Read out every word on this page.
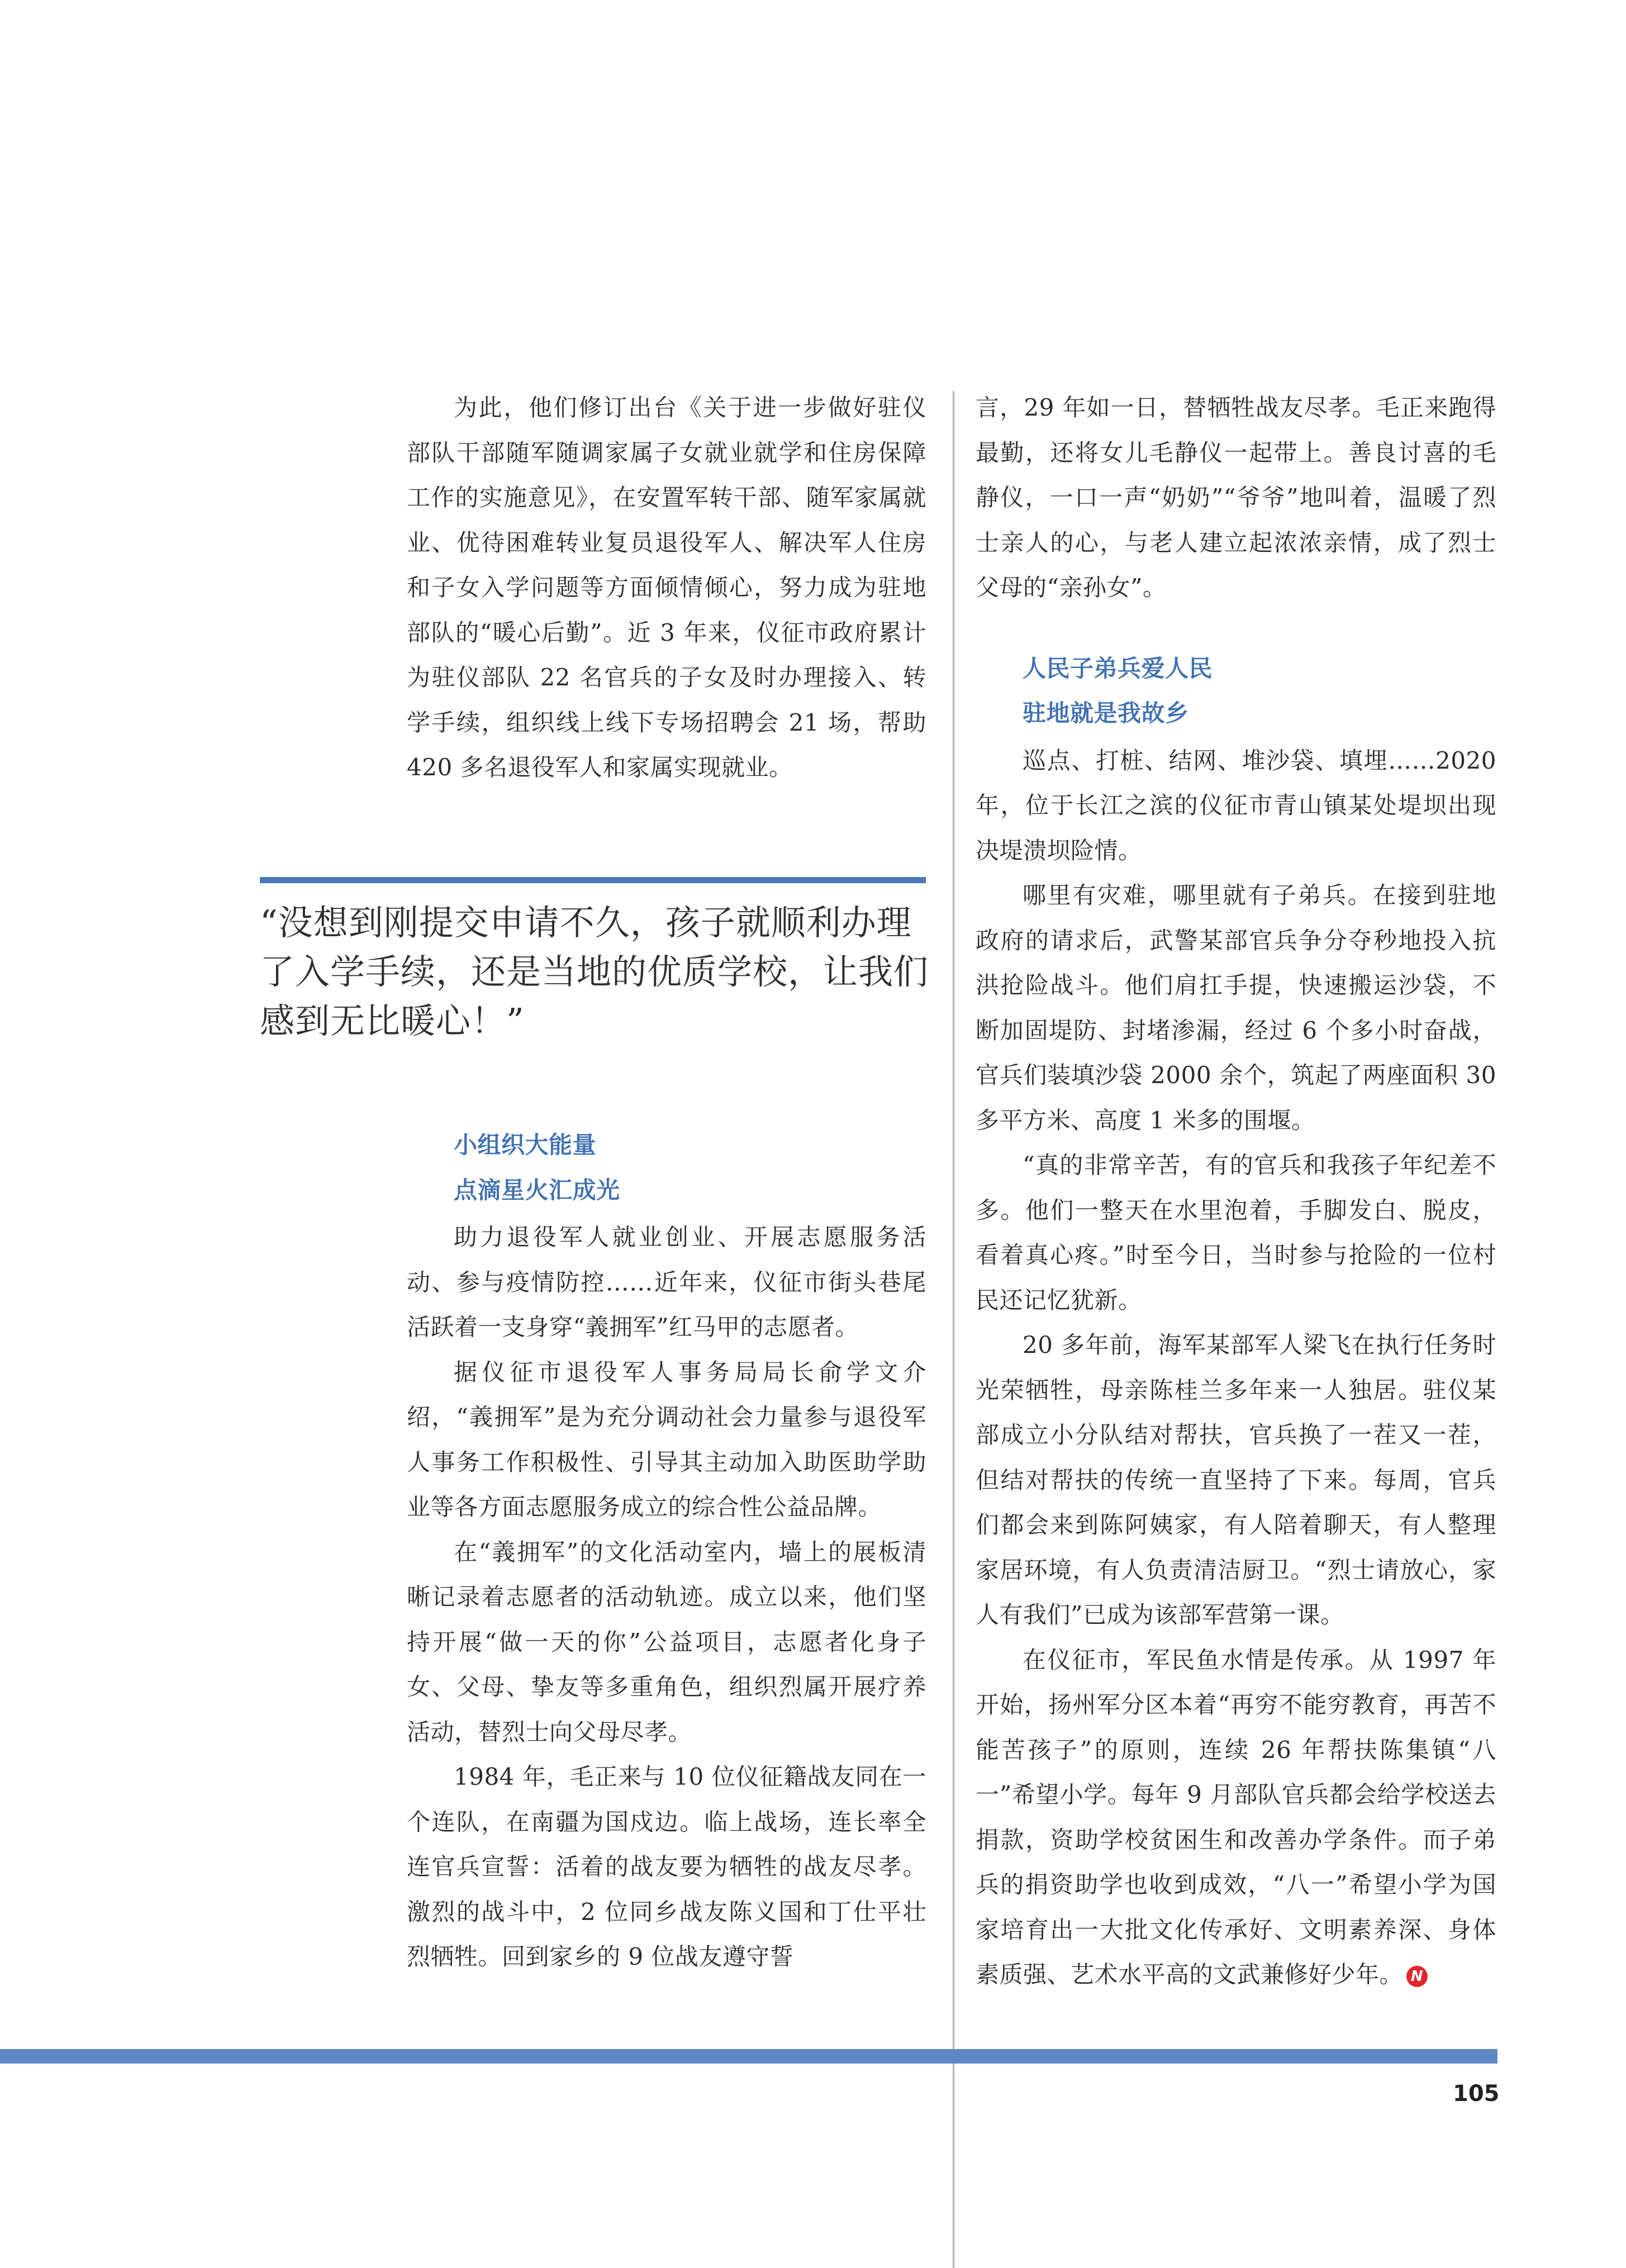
为此，他们修订出台《关于进一步做好驻仪部队干部随军随调家属子女就业就学和住房保障工作的实施意见》，在安置军转干部、随军家属就业、优待困难转业复员退役军人、解决军人住房和子女入学问题等方面倾情倾心，努力成为驻地部队的“暖心后勤”。近 3 年来，仪征市政府累计为驻仪部队 22 名官兵的子女及时办理接入、转学手续，组织线上线下专场招聘会 21 场，帮助 420 多名退役军人和家属实现就业。

“没想到刚提交申请不久，孩子就顺利办理了入学手续，还是当地的优质学校，让我们感到无比暖心！”

小组织大能量

点滴星火汇成光

助力退役军人就业创业、开展志愿服务活动、参与疫情防控……近年来，仪征市街头巷尾活跃着一支身穿“義拥军”红马甲的志愿者。

据仪征市退役军人事务局局长俞学文介绍，“義拥军”是为充分调动社会力量参与退役军人事务工作积极性、引导其主动加入助医助学助业等各方面志愿服务成立的综合性公益品牌。

在“義拥军”的文化活动室内，墙上的展板清晰记录着志愿者的活动轨迹。成立以来，他们坚持开展“做一天的你”公益项目，志愿者化身子女、父母、挚友等多重角色，组织烈属开展疗养活动，替烈士向父母尽孝。

1984 年，毛正来与 10 位仪征籍战友同在一个连队，在南疆为国戍边。临上战场，连长率全连官兵宣誓：活着的战友要为牺牲的战友尽孝。激烈的战斗中，2 位同乡战友陈义国和丁仕平壮烈牺牲。回到家乡的 9 位战友遵守誓

言，29 年如一日，替牺牲战友尽孝。毛正来跑得最勤，还将女儿毛静仪一起带上。善良讨喜的毛静仪，一口一声“奶奶”“爷爷”地叫着，温暖了烈士亲人的心，与老人建立起浓浓亲情，成了烈士父母的“亲孙女”。

人民子弟兵爱人民

驻地就是我故乡

巡点、打桩、结网、堆沙袋、填埋……2020 年，位于长江之滨的仪征市青山镇某处堤坝出现决堤溃坝险情。

哪里有灾难，哪里就有子弟兵。在接到驻地政府的请求后，武警某部官兵争分夺秒地投入抗洪抢险战斗。他们肩扛手提，快速搬运沙袋，不断加固堤防、封堵渗漏，经过 6 个多小时奋战，官兵们装填沙袋 2000 余个，筑起了两座面积 30 多平方米、高度 1 米多的围堰。

“真的非常辛苦，有的官兵和我孩子年纪差不多。他们一整天在水里泡着，手脚发白、脱皮，看着真心疼。”时至今日，当时参与抢险的一位村民还记忆犹新。

20 多年前，海军某部军人梁飞在执行任务时光荣牺牲，母亲陈桂兰多年来一人独居。驻仪某部成立小分队结对帮扶，官兵换了一茬又一茬，但结对帮扶的传统一直坚持了下来。每周，官兵们都会来到陈阿姨家，有人陪着聊天，有人整理家居环境，有人负责清洁厨卫。“烈士请放心，家人有我们”已成为该部军营第一课。

在仪征市，军民鱼水情是传承。从 1997 年开始，扬州军分区本着“再穷不能穷教育，再苦不能苦孩子”的原则，连续 26 年帮扶陈集镇“八一”希望小学。每年 9 月部队官兵都会给学校送去捐款，资助学校贫困生和改善办学条件。而子弟兵的捐资助学也收到成效，“八一”希望小学为国家培育出一大批文化传承好、文明素养深、身体素质强、艺术水平高的文武兼修好少年。 N

105
